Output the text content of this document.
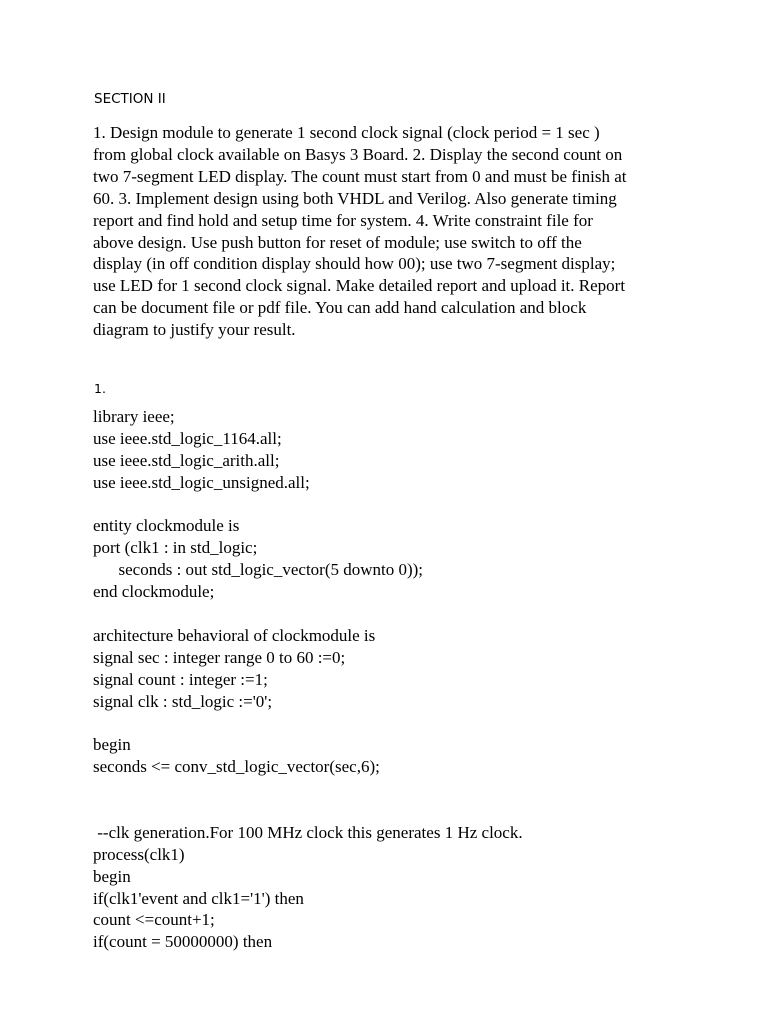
SECTION II
1. Design module to generate 1 second clock signal (clock period = 1 sec )
from global clock available on Basys 3 Board. 2. Display the second count on
two 7-segment LED display. The count must start from 0 and must be finish at
60. 3. Implement design using both VHDL and Verilog. Also generate timing
report and find hold and setup time for system. 4. Write constraint file for
above design. Use push button for reset of module; use switch to off the
display (in off condition display should how 00); use two 7-segment display;
use LED for 1 second clock signal. Make detailed report and upload it. Report
can be document file or pdf file. You can add hand calculation and block
diagram to justify your result.
1.
library ieee;
use ieee.std_logic_1164.all;
use ieee.std_logic_arith.all;
use ieee.std_logic_unsigned.all;
entity clockmodule is
port (clk1 : in std_logic;
seconds : out std_logic_vector(5 downto 0));
end clockmodule;
architecture behavioral of clockmodule is
signal sec : integer range 0 to 60 :=0;
signal count : integer :=1;
signal clk : std_logic :='0';
begin
seconds <= conv_std_logic_vector(sec,6);
--clk generation.For 100 MHz clock this generates 1 Hz clock.
process(clk1)
begin
if(clk1'event and clk1='1') then
count <=count+1;
if(count = 50000000) then
